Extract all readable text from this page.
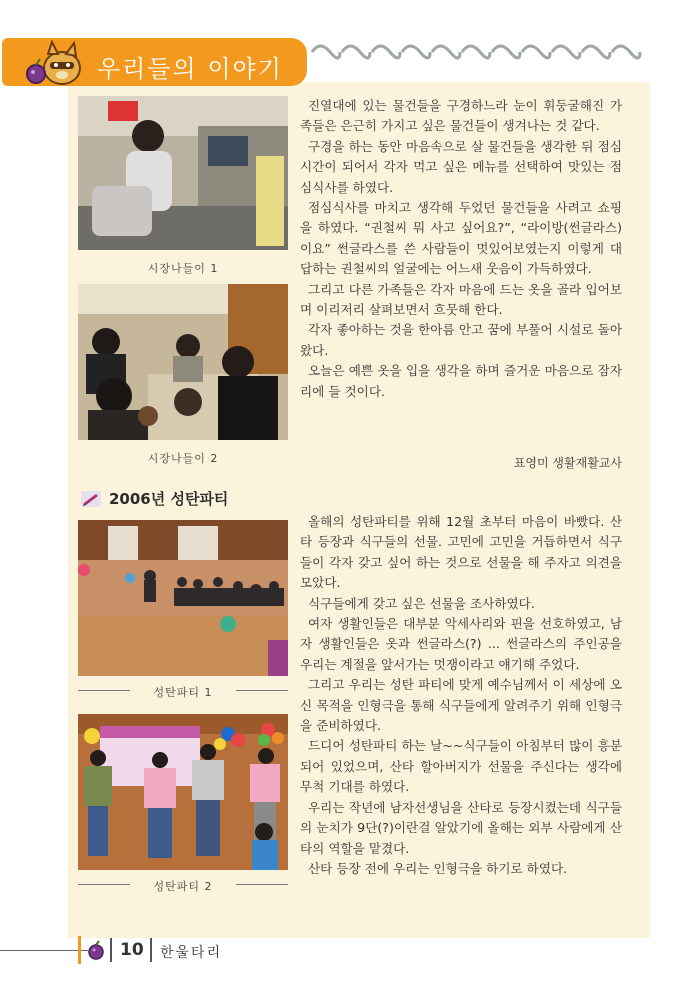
우리들의 이야기
시장나들이 1
시장나들이 2

진열대에 있는 물건들을 구경하느라 눈이 휘둥굴해진 가족들은 은근히 가지고 싶은 물건들이 생겨나는 것 같다.

구경을 하는 동안 마음속으로 살 물건들을 생각한 뒤 점심시간이 되어서 각자 먹고 싶은 메뉴를 선택하여 맛있는 점심식사를 하였다.

점심식사를 마치고 생각해 두었던 물건들을 사려고 쇼핑을 하였다. “권철씨 뭐 사고 싶어요?”, “라이방(썬글라스)이요” 썬글라스를 쓴 사람들이 멋있어보였는지 이렇게 대답하는 권철씨의 얼굴에는 어느새 웃음이 가득하였다.

그리고 다른 가족들은 각자 마음에 드는 옷을 골라 입어보며 이리저리 살펴보면서 흐뭇해 한다.

각자 좋아하는 것을 한아름 안고 꿈에 부풀어 시설로 돌아왔다.

오늘은 예쁜 옷을 입을 생각을 하며 즐거운 마음으로 잠자리에 들 것이다.

표영미 생활재활교사
2006년 성탄파티
성탄파티 1
성탄파티 2

올해의 성탄파티를 위해 12월 초부터 마음이 바빴다. 산타 등장과 식구들의 선물. 고민에 고민을 거듭하면서 식구들이 각자 갖고 싶어 하는 것으로 선물을 해 주자고 의견을 모았다.

식구들에게 갖고 싶은 선물을 조사하였다.

여자 생활인들은 대부분 악세사리와 핀을 선호하였고, 남자 생활인들은 옷과 썬글라스(?) ... 썬글라스의 주인공을 우리는 계절을 앞서가는 멋쟁이라고 얘기해 주었다.

그리고 우리는 성탄 파티에 맞게 예수님께서 이 세상에 오신 목적을 인형극을 통해 식구들에게 알려주기 위해 인형극을 준비하였다.

드디어 성탄파티 하는 날~~식구들이 아침부터 많이 흥분되어 있었으며, 산타 할아버지가 선물을 주신다는 생각에 무척 기대를 하였다.

우리는 작년에 남자선생님을 산타로 등장시켰는데 식구들의 눈치가 9단(?)이란걸 알았기에 올해는 외부 사람에게 산타의 역할을 맡겼다.

산타 등장 전에 우리는 인형극을 하기로 하였다.

10 한울타리
